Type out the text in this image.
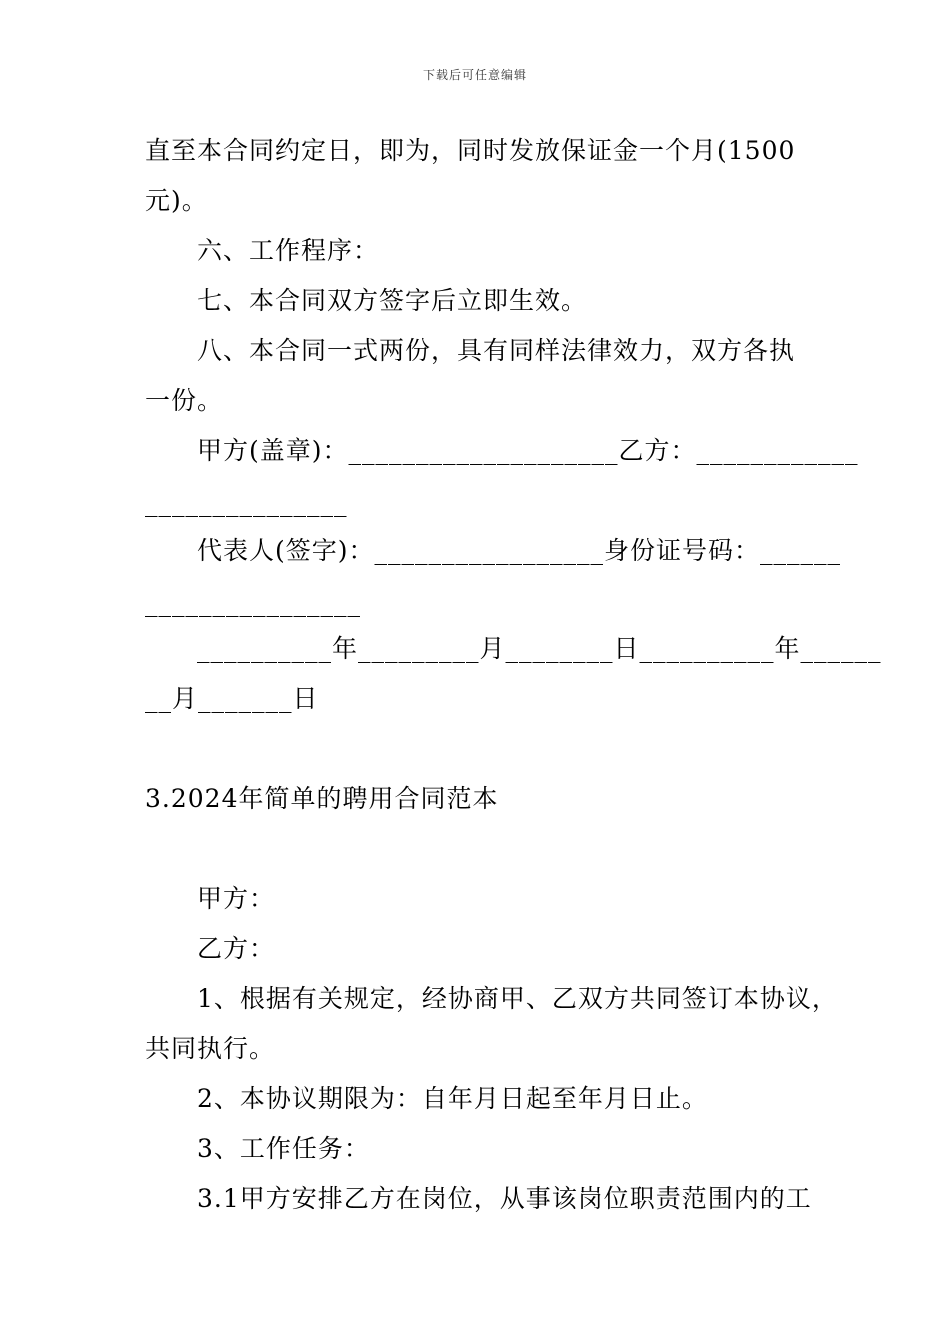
下载后可任意编辑
直至本合同约定日，即为，同时发放保证金一个月(1500
元)。
六、工作程序：
七、本合同双方签字后立即生效。
八、本合同一式两份，具有同样法律效力，双方各执
一份。
甲方(盖章)：____________________乙方：____________
_______________
代表人(签字)：_________________身份证号码：______
________________
__________年_________月________日__________年______
__月_______日
3.2024年简单的聘用合同范本
甲方：
乙方：
1、根据有关规定，经协商甲、乙双方共同签订本协议，
共同执行。
2、本协议期限为：自年月日起至年月日止。
3、工作任务：
3.1甲方安排乙方在岗位，从事该岗位职责范围内的工
